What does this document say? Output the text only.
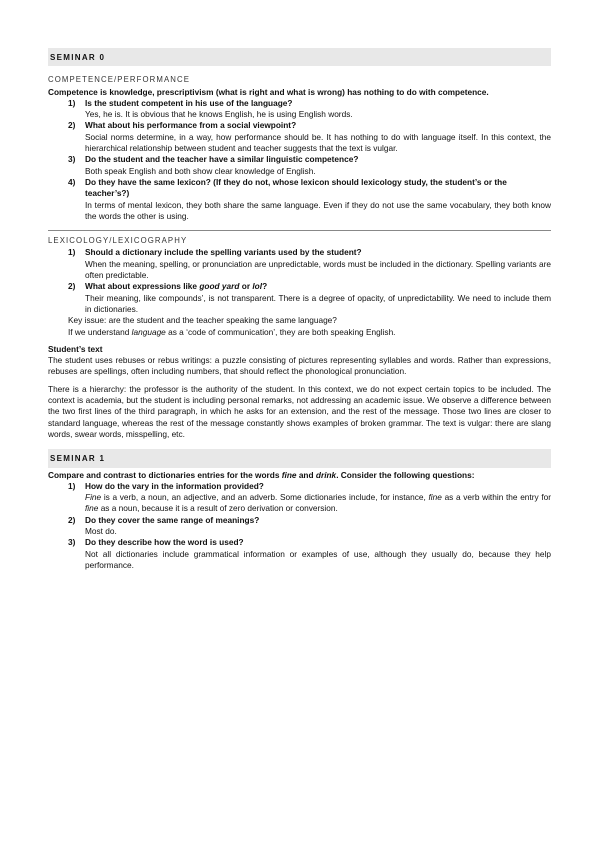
SEMINAR 0
COMPETENCE/PERFORMANCE
Competence is knowledge, prescriptivism (what is right and what is wrong) has nothing to do with competence.
1)	Is the student competent in his use of the language?
Yes, he is. It is obvious that he knows English, he is using English words.
2)	What about his performance from a social viewpoint?
Social norms determine, in a way, how performance should be. It has nothing to do with language itself. In this context, the hierarchical relationship between student and teacher suggests that the text is vulgar.
3)	Do the student and the teacher have a similar linguistic competence?
Both speak English and both show clear knowledge of English.
4)	Do they have the same lexicon? (If they do not, whose lexicon should lexicology study, the student’s or the teacher’s?)
In terms of mental lexicon, they both share the same language. Even if they do not use the same vocabulary, they both know the words the other is using.
LEXICOLOGY/LEXICOGRAPHY
1)	Should a dictionary include the spelling variants used by the student?
When the meaning, spelling, or pronunciation are unpredictable, words must be included in the dictionary. Spelling variants are often predictable.
2)	What about expressions like good yard or lol?
Their meaning, like compounds’, is not transparent. There is a degree of opacity, of unpredictability. We need to include them in dictionaries.
Key issue: are the student and the teacher speaking the same language?
If we understand language as a ‘code of communication’, they are both speaking English.
Student’s text
The student uses rebuses or rebus writings: a puzzle consisting of pictures representing syllables and words. Rather than expressions, rebuses are spellings, often including numbers, that should reflect the phonological pronunciation.
There is a hierarchy: the professor is the authority of the student. In this context, we do not expect certain topics to be included. The context is academia, but the student is including personal remarks, not addressing an academic issue. We observe a difference between the two first lines of the third paragraph, in which he asks for an extension, and the rest of the message. Those two lines are closer to standard language, whereas the rest of the message constantly shows examples of broken grammar. The text is vulgar: there are slang words, swear words, misspelling, etc.
SEMINAR 1
Compare and contrast to dictionaries entries for the words fine and drink. Consider the following questions:
1)	How do the vary in the information provided?
Fine is a verb, a noun, an adjective, and an adverb. Some dictionaries include, for instance, fine as a verb within the entry for fine as a noun, because it is a result of zero derivation or conversion.
2)	Do they cover the same range of meanings?
Most do.
3)	Do they describe how the word is used?
Not all dictionaries include grammatical information or examples of use, although they usually do, because they help performance.
